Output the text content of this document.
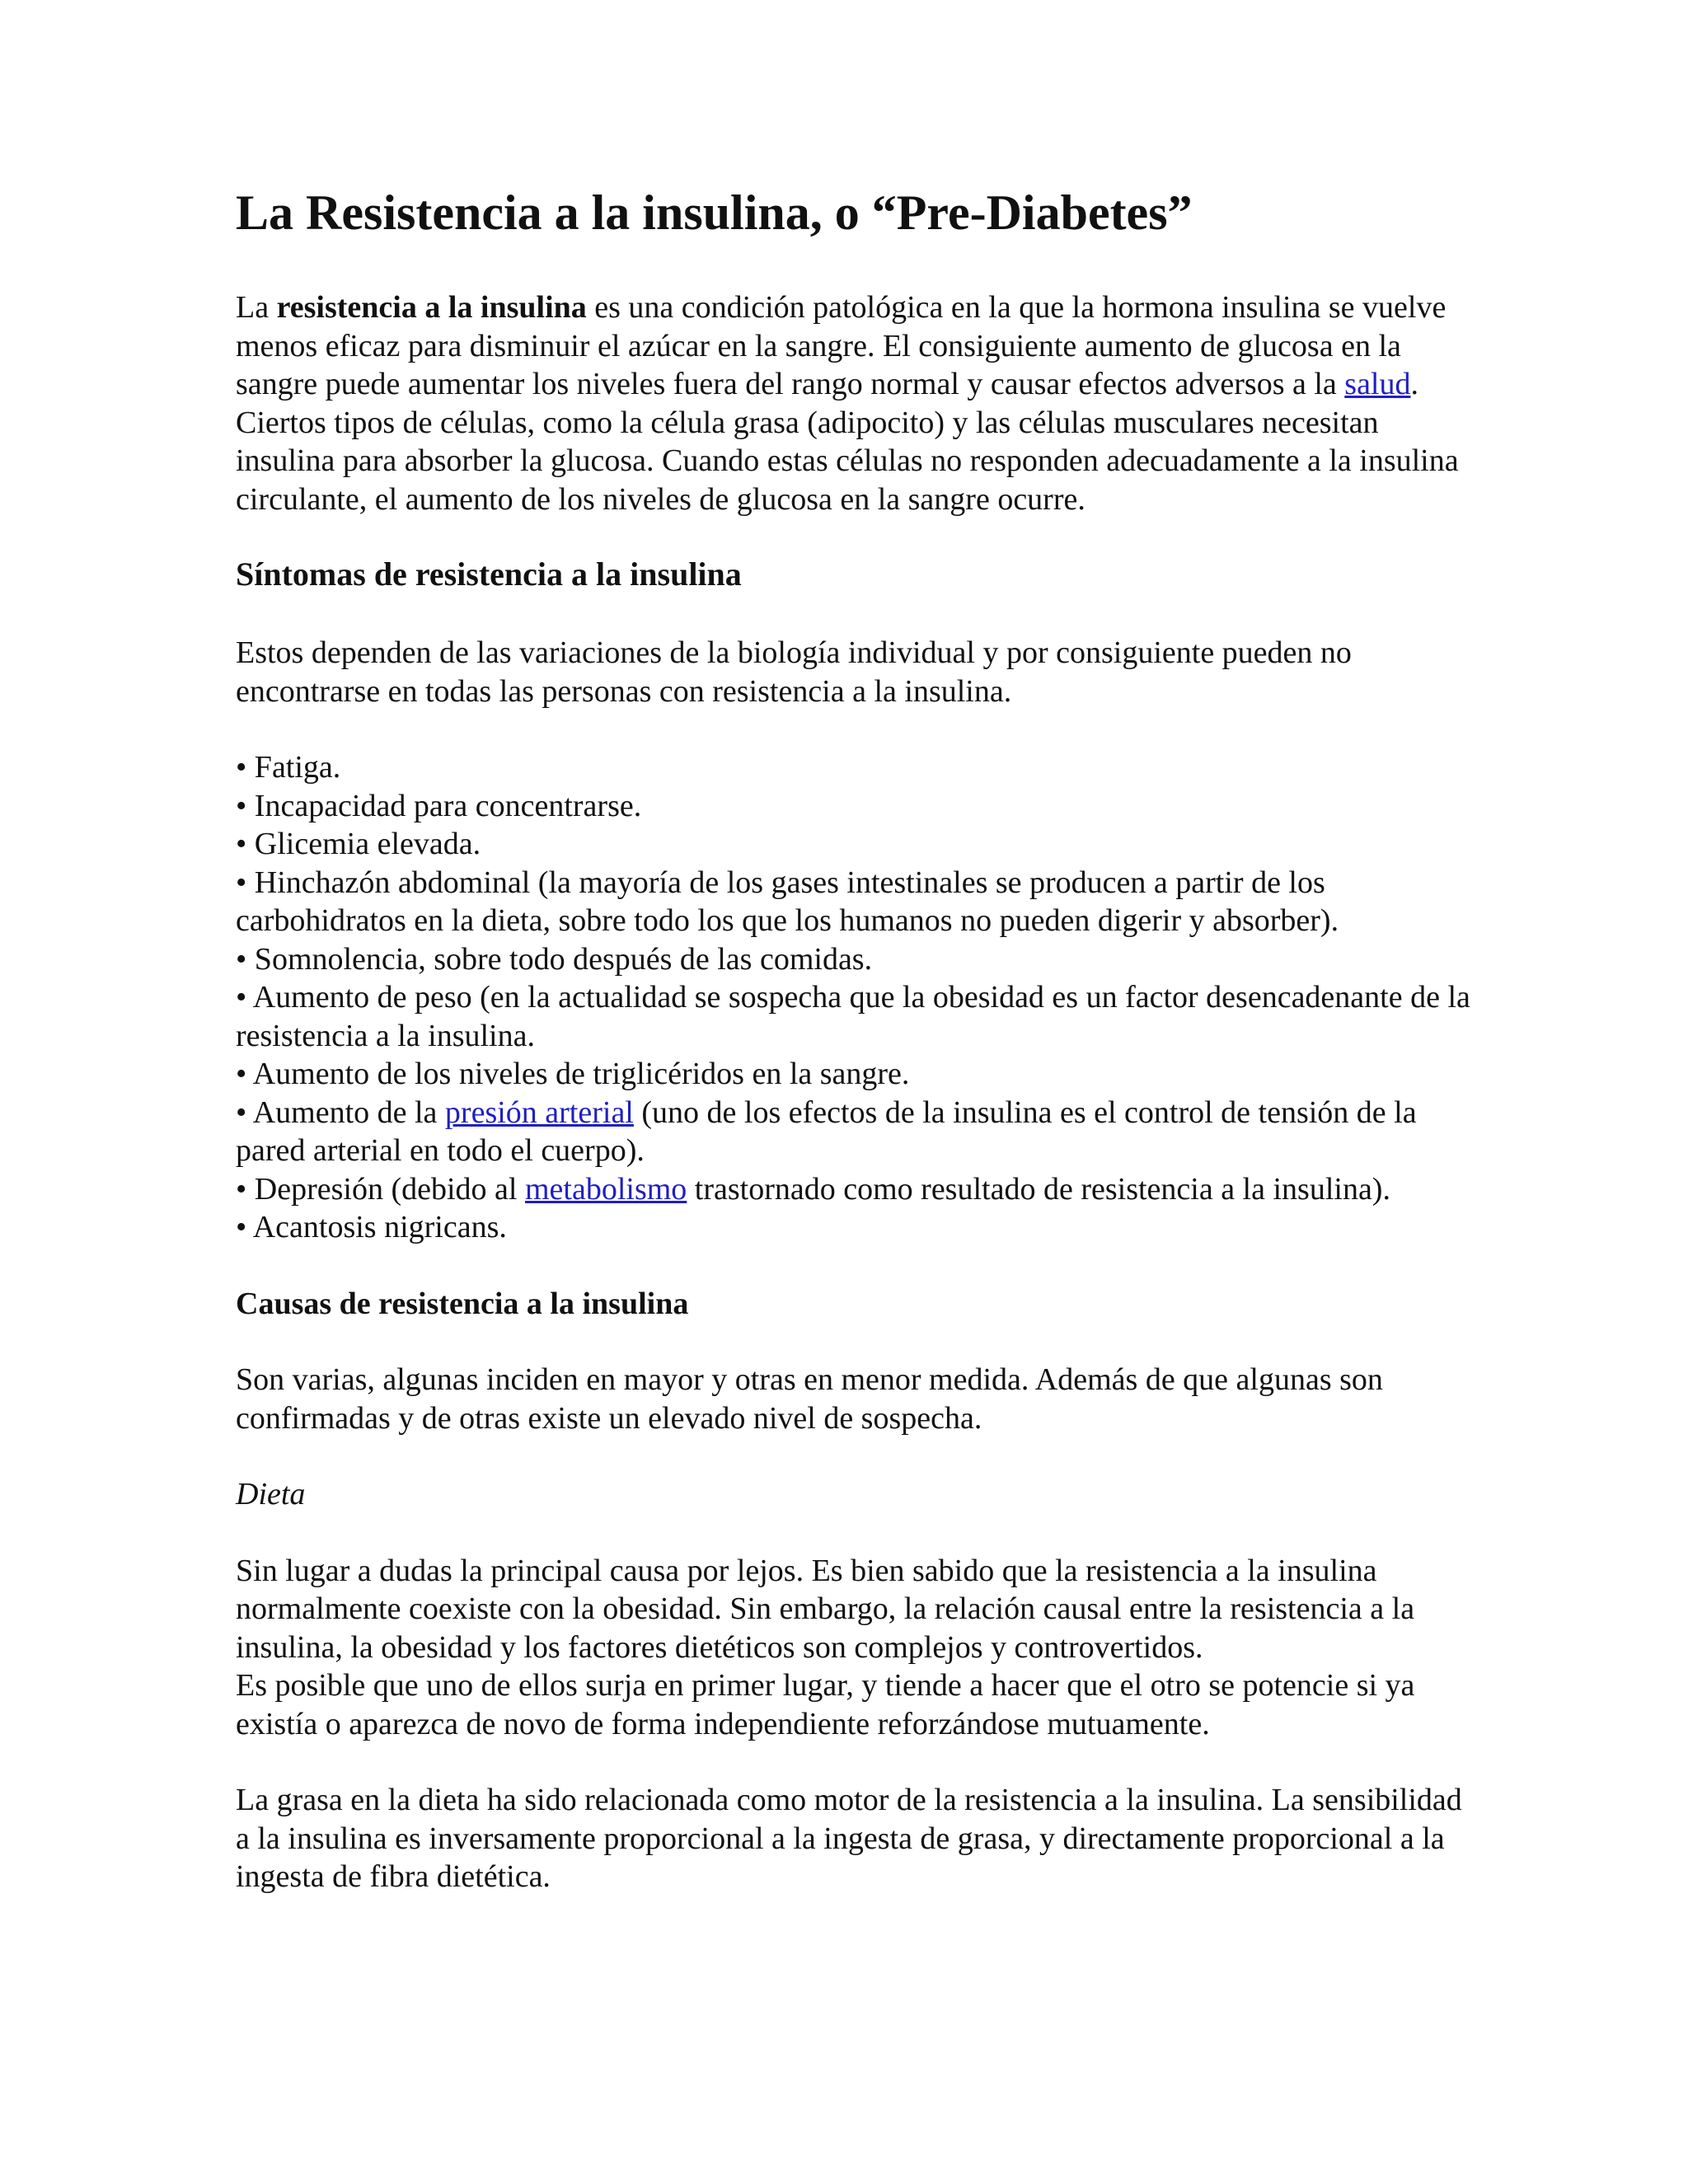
La Resistencia a la insulina, o “Pre-Diabetes”

La resistencia a la insulina es una condición patológica en la que la hormona insulina se vuelve menos eficaz para disminuir el azúcar en la sangre. El consiguiente aumento de glucosa en la sangre puede aumentar los niveles fuera del rango normal y causar efectos adversos a la salud. Ciertos tipos de células, como la célula grasa (adipocito) y las células musculares necesitan insulina para absorber la glucosa. Cuando estas células no responden adecuadamente a la insulina circulante, el aumento de los niveles de glucosa en la sangre ocurre.

Síntomas de resistencia a la insulina

Estos dependen de las variaciones de la biología individual y por consiguiente pueden no encontrarse en todas las personas con resistencia a la insulina.

• Fatiga.
• Incapacidad para concentrarse.
• Glicemia elevada.
• Hinchazón abdominal (la mayoría de los gases intestinales se producen a partir de los carbohidratos en la dieta, sobre todo los que los humanos no pueden digerir y absorber).
• Somnolencia, sobre todo después de las comidas.
• Aumento de peso (en la actualidad se sospecha que la obesidad es un factor desencadenante de la resistencia a la insulina.
• Aumento de los niveles de triglicéridos en la sangre.
• Aumento de la presión arterial (uno de los efectos de la insulina es el control de tensión de la pared arterial en todo el cuerpo).
• Depresión (debido al metabolismo trastornado como resultado de resistencia a la insulina).
• Acantosis nigricans.
Causas de resistencia a la insulina

Son varias, algunas inciden en mayor y otras en menor medida. Además de que algunas son confirmadas y de otras existe un elevado nivel de sospecha.

Dieta

Sin lugar a dudas la principal causa por lejos. Es bien sabido que la resistencia a la insulina normalmente coexiste con la obesidad. Sin embargo, la relación causal entre la resistencia a la insulina, la obesidad y los factores dietéticos son complejos y controvertidos.

Es posible que uno de ellos surja en primer lugar, y tiende a hacer que el otro se potencie si ya existía o aparezca de novo de forma independiente reforzándose mutuamente.

La grasa en la dieta ha sido relacionada como motor de la resistencia a la insulina. La sensibilidad a la insulina es inversamente proporcional a la ingesta de grasa, y directamente proporcional a la ingesta de fibra dietética.
